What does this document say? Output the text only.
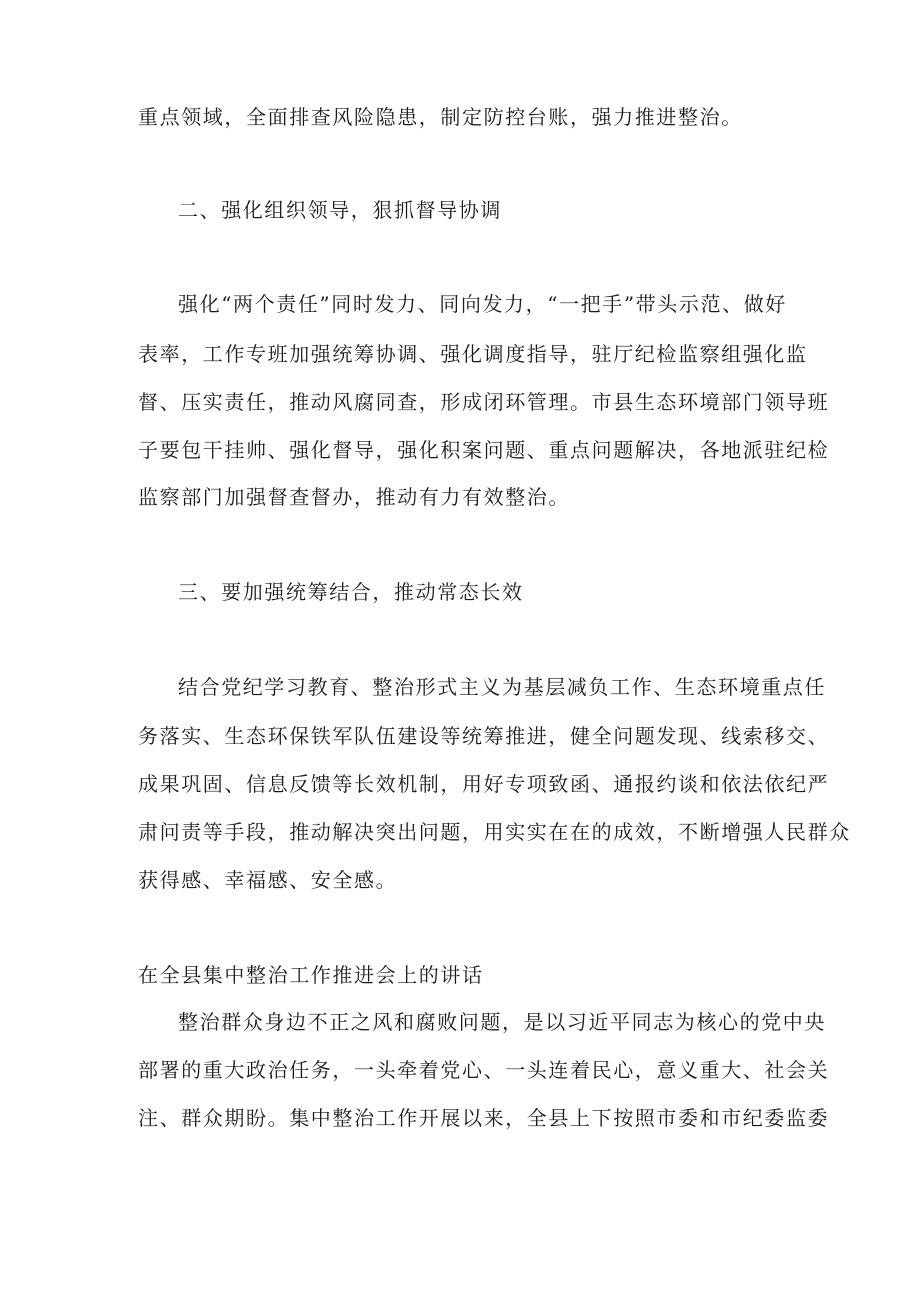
重点领域，全面排查风险隐患，制定防控台账，强力推进整治。
二、强化组织领导，狠抓督导协调
强化“两个责任”同时发力、同向发力，“一把手”带头示范、做好
表率，工作专班加强统筹协调、强化调度指导，驻厅纪检监察组强化监
督、压实责任，推动风腐同查，形成闭环管理。市县生态环境部门领导班
子要包干挂帅、强化督导，强化积案问题、重点问题解决，各地派驻纪检
监察部门加强督查督办，推动有力有效整治。
三、要加强统筹结合，推动常态长效
结合党纪学习教育、整治形式主义为基层减负工作、生态环境重点任
务落实、生态环保铁军队伍建设等统筹推进，健全问题发现、线索移交、
成果巩固、信息反馈等长效机制，用好专项致函、通报约谈和依法依纪严
肃问责等手段，推动解决突出问题，用实实在在的成效，不断增强人民群众
获得感、幸福感、安全感。
在全县集中整治工作推进会上的讲话
整治群众身边不正之风和腐败问题，是以习近平同志为核心的党中央
部署的重大政治任务，一头牵着党心、一头连着民心，意义重大、社会关
注、群众期盼。集中整治工作开展以来，全县上下按照市委和市纪委监委
